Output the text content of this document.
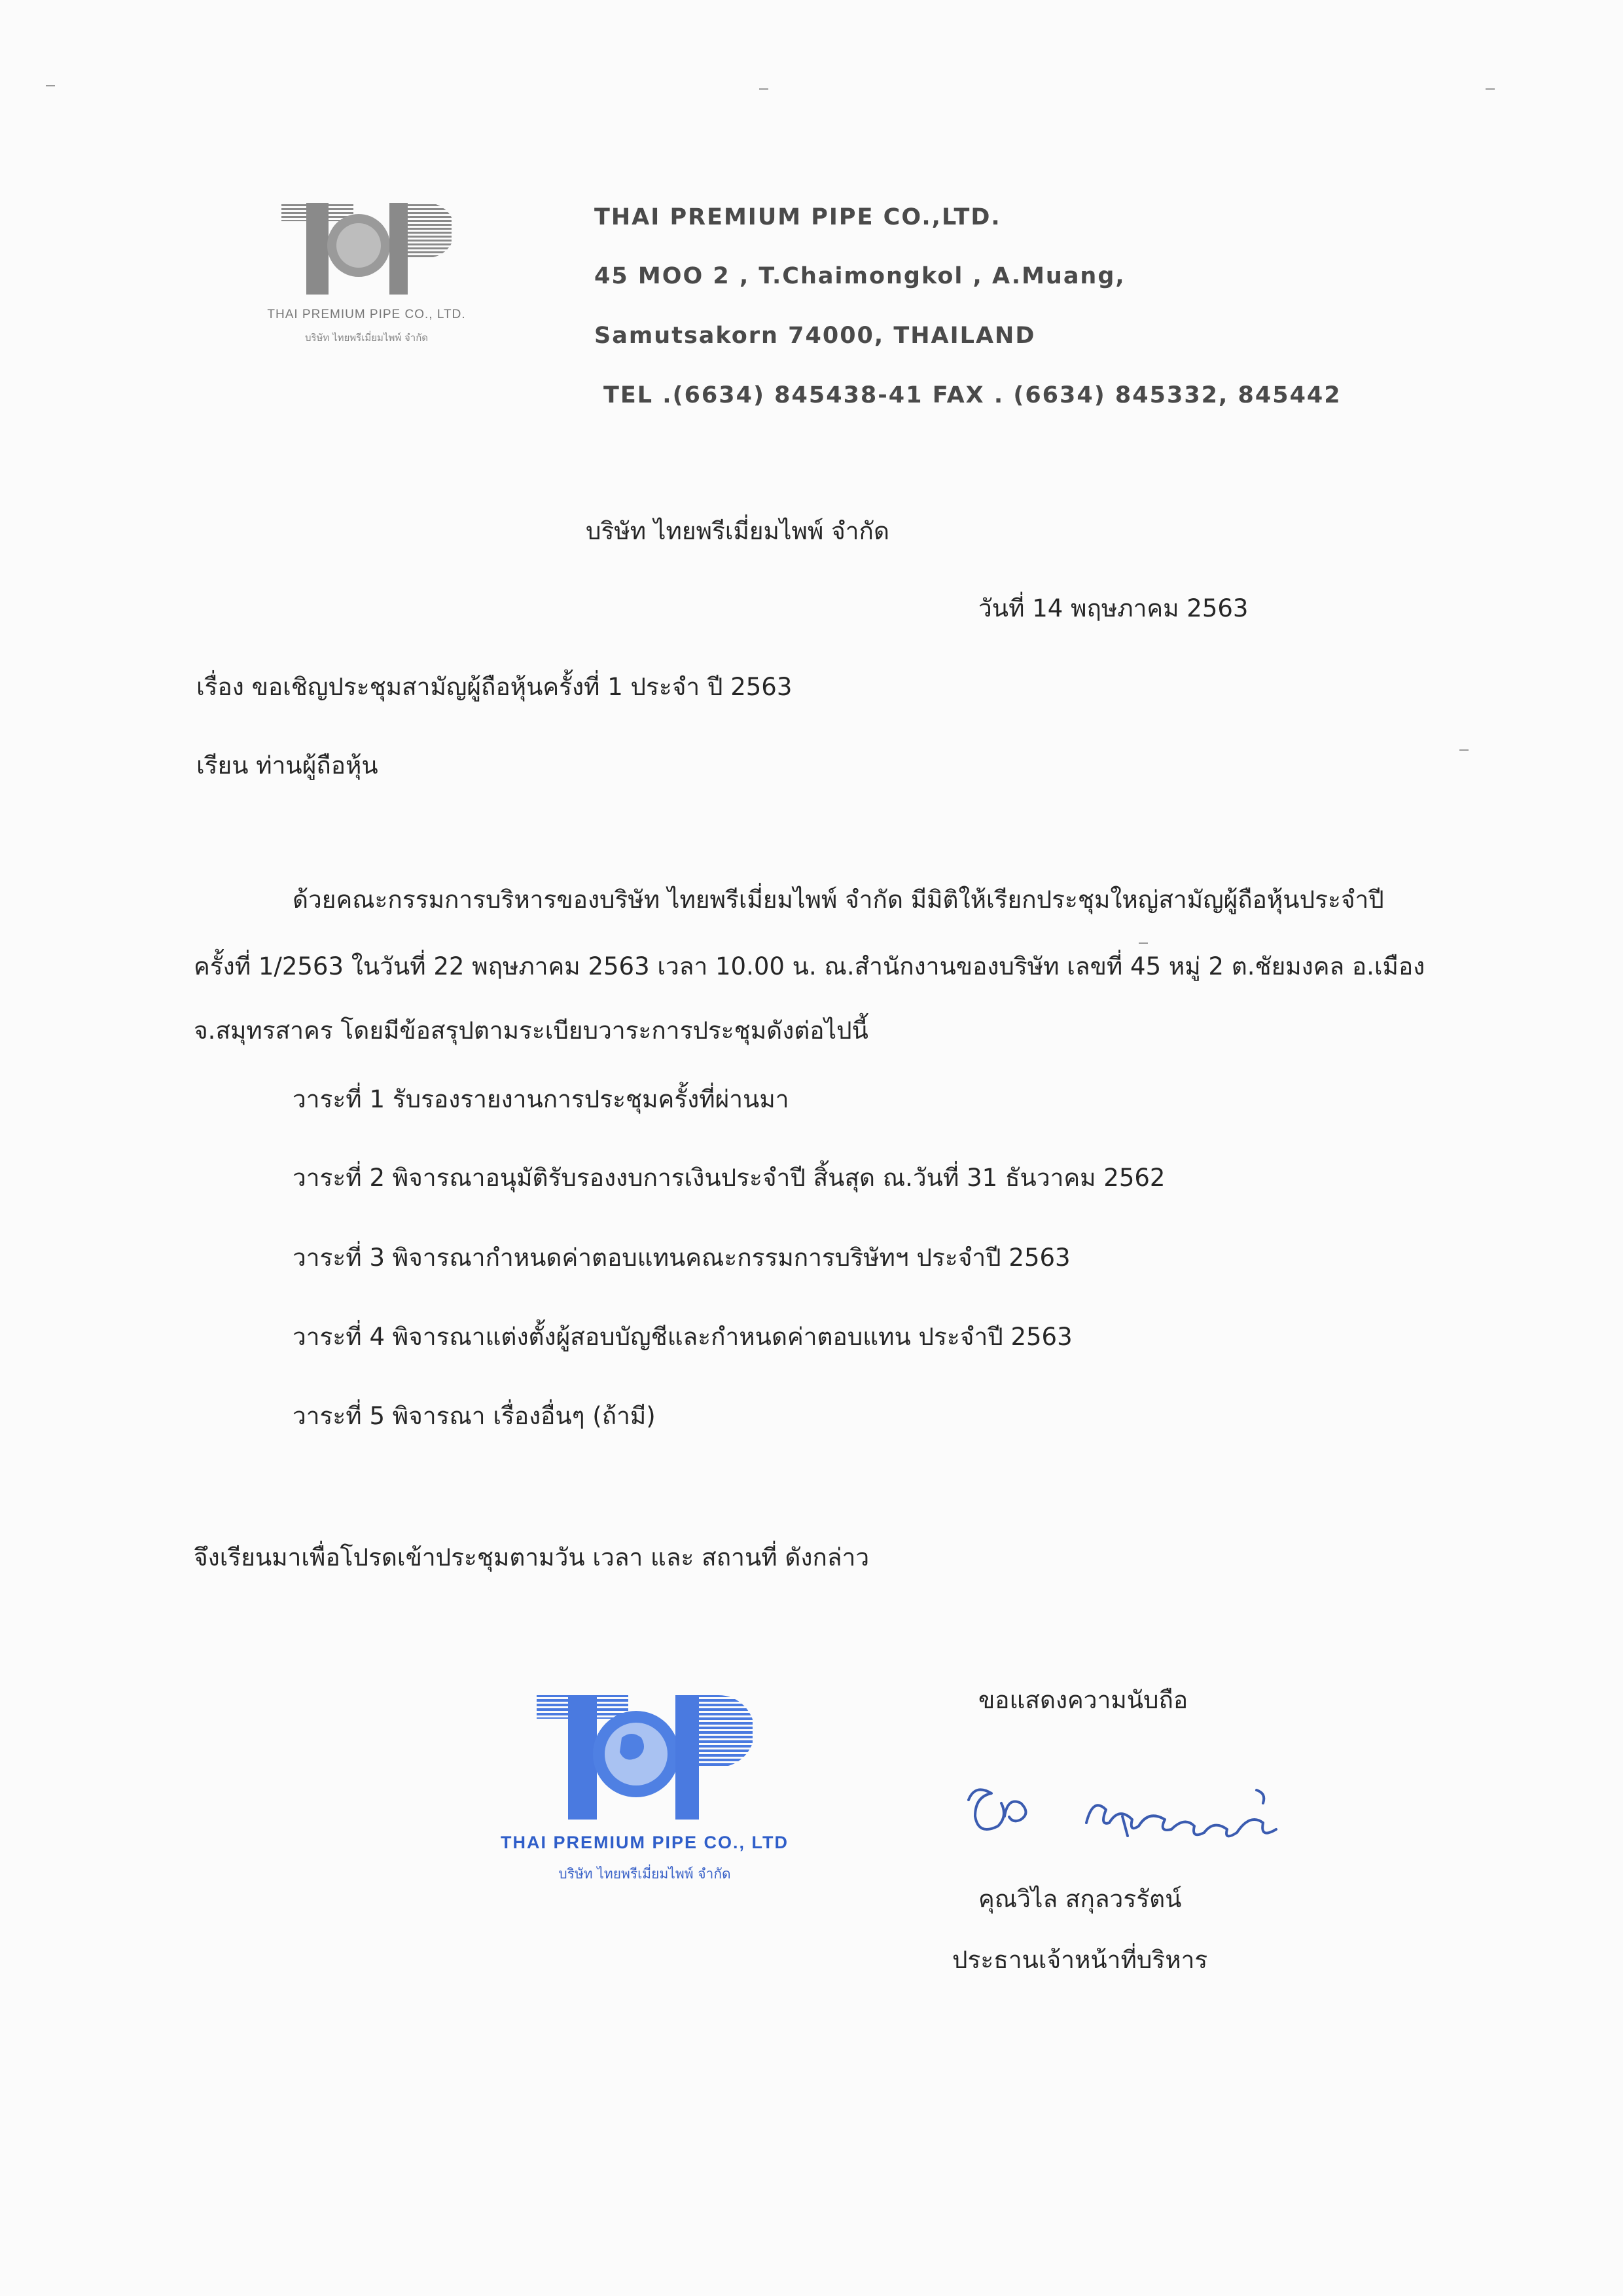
THAI PREMIUM PIPE CO., LTD.
บริษัท ไทยพรีเมี่ยมไพพ์ จำกัด
THAI PREMIUM PIPE CO.,LTD.
45 MOO 2 , T.Chaimongkol , A.Muang,
Samutsakorn 74000, THAILAND
TEL .(6634) 845438-41 FAX . (6634) 845332, 845442
บริษัท ไทยพรีเมี่ยมไพพ์ จำกัด
วันที่ 14 พฤษภาคม 2563
เรื่อง ขอเชิญประชุมสามัญผู้ถือหุ้นครั้งที่ 1 ประจำ ปี 2563
เรียน ท่านผู้ถือหุ้น
ด้วยคณะกรรมการบริหารของบริษัท ไทยพรีเมี่ยมไพพ์ จำกัด มีมิติให้เรียกประชุมใหญ่สามัญผู้ถือหุ้นประจำปี
ครั้งที่ 1/2563 ในวันที่ 22 พฤษภาคม 2563 เวลา 10.00 น. ณ.สำนักงานของบริษัท เลขที่ 45 หมู่ 2 ต.ชัยมงคล อ.เมือง
จ.สมุทรสาคร โดยมีข้อสรุปตามระเบียบวาระการประชุมดังต่อไปนี้
วาระที่ 1 รับรองรายงานการประชุมครั้งที่ผ่านมา
วาระที่ 2 พิจารณาอนุมัติรับรองงบการเงินประจำปี สิ้นสุด ณ.วันที่ 31 ธันวาคม 2562
วาระที่ 3 พิจารณากำหนดค่าตอบแทนคณะกรรมการบริษัทฯ ประจำปี 2563
วาระที่ 4 พิจารณาแต่งตั้งผู้สอบบัญชีและกำหนดค่าตอบแทน ประจำปี 2563
วาระที่ 5 พิจารณา เรื่องอื่นๆ (ถ้ามี)
จึงเรียนมาเพื่อโปรดเข้าประชุมตามวัน เวลา และ สถานที่ ดังกล่าว
ขอแสดงความนับถือ
THAI PREMIUM PIPE CO., LTD
บริษัท ไทยพรีเมี่ยมไพพ์ จำกัด
คุณวิไล สกุลวรรัตน์
ประธานเจ้าหน้าที่บริหาร
